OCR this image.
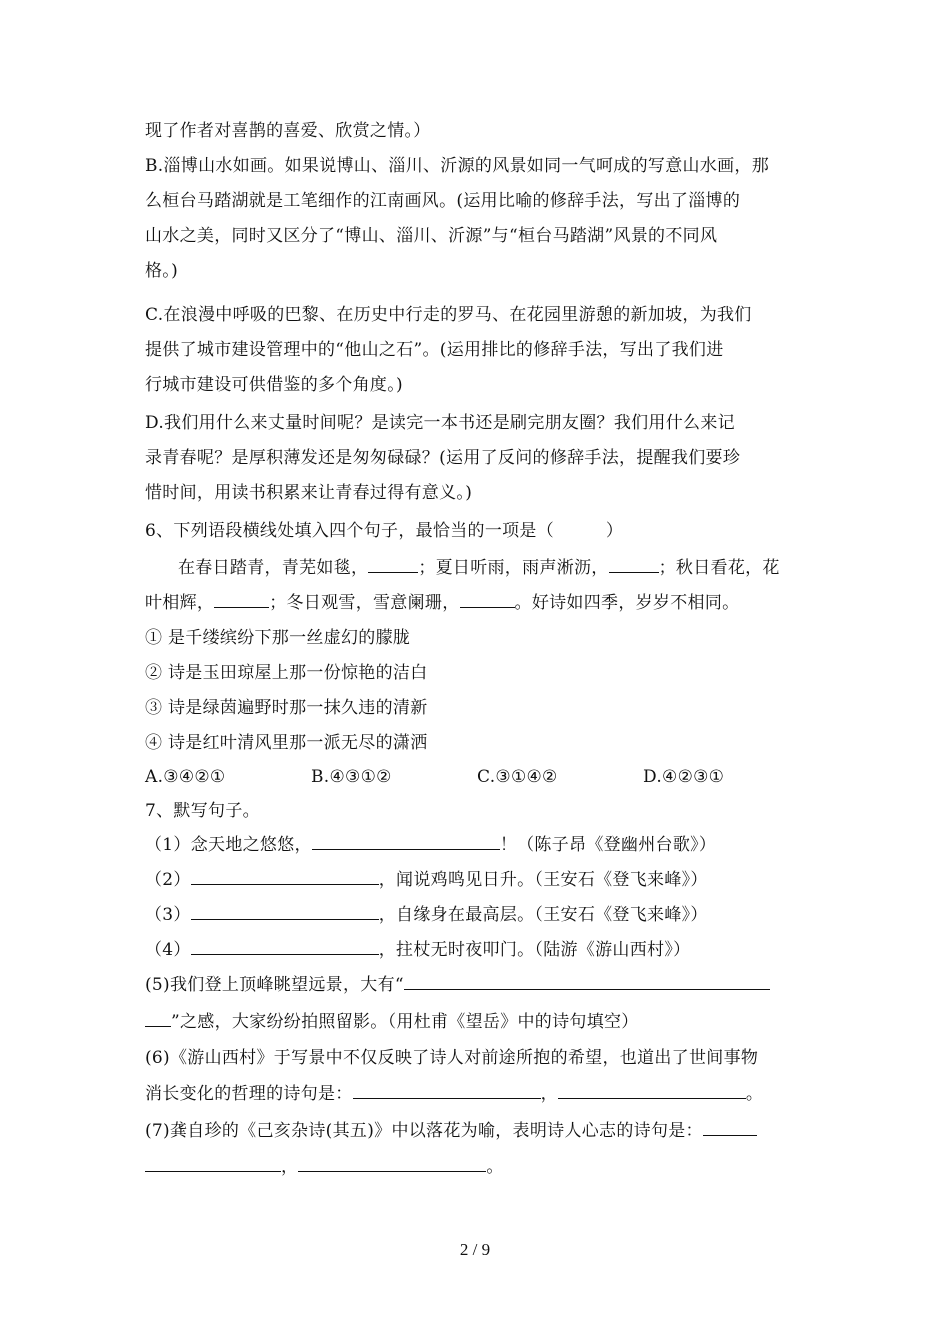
现了作者对喜鹊的喜爱、欣赏之情。）
B.淄博山水如画。如果说博山、淄川、沂源的风景如同一气呵成的写意山水画，那
么桓台马踏湖就是工笔细作的江南画风。(运用比喻的修辞手法，写出了淄博的
山水之美，同时又区分了“博山、淄川、沂源”与“桓台马踏湖”风景的不同风
格。)
C.在浪漫中呼吸的巴黎、在历史中行走的罗马、在花园里游憩的新加坡，为我们
提供了城市建设管理中的“他山之石”。(运用排比的修辞手法，写出了我们进
行城市建设可供借鉴的多个角度。)
D.我们用什么来丈量时间呢？是读完一本书还是刷完朋友圈？我们用什么来记
录青春呢？是厚积薄发还是匆匆碌碌？(运用了反问的修辞手法，提醒我们要珍
惜时间，用读书积累来让青春过得有意义。)
6、下列语段横线处填入四个句子，最恰当的一项是（　　　）
在春日踏青，青芜如毯，	；夏日听雨，雨声淅沥，	；秋日看花，花
叶相辉，	；冬日观雪，雪意阑珊，	。好诗如四季，岁岁不相同。
① 是千缕缤纷下那一丝虚幻的朦胧
② 诗是玉田琼屋上那一份惊艳的洁白
③ 诗是绿茵遍野时那一抹久违的清新
④ 诗是红叶清风里那一派无尽的潇洒
A.③④②①	B.④③①②	C.③①④②	D.④②③①
7、默写句子。
（1）念天地之悠悠，	！（陈子昂《登幽州台歌》）
（2）	，闻说鸡鸣见日升。（王安石《登飞来峰》）
（3）	，自缘身在最高层。（王安石《登飞来峰》）
（4）	，拄杖无时夜叩门。（陆游《游山西村》）
(5)我们登上顶峰眺望远景，大有“
”之感，大家纷纷拍照留影。（用杜甫《望岳》中的诗句填空）
(6)《游山西村》于写景中不仅反映了诗人对前途所抱的希望，也道出了世间事物
消长变化的哲理的诗句是：	，	。
(7)龚自珍的《己亥杂诗(其五)》中以落花为喻，表明诗人心志的诗句是：
，	。
2 / 9
